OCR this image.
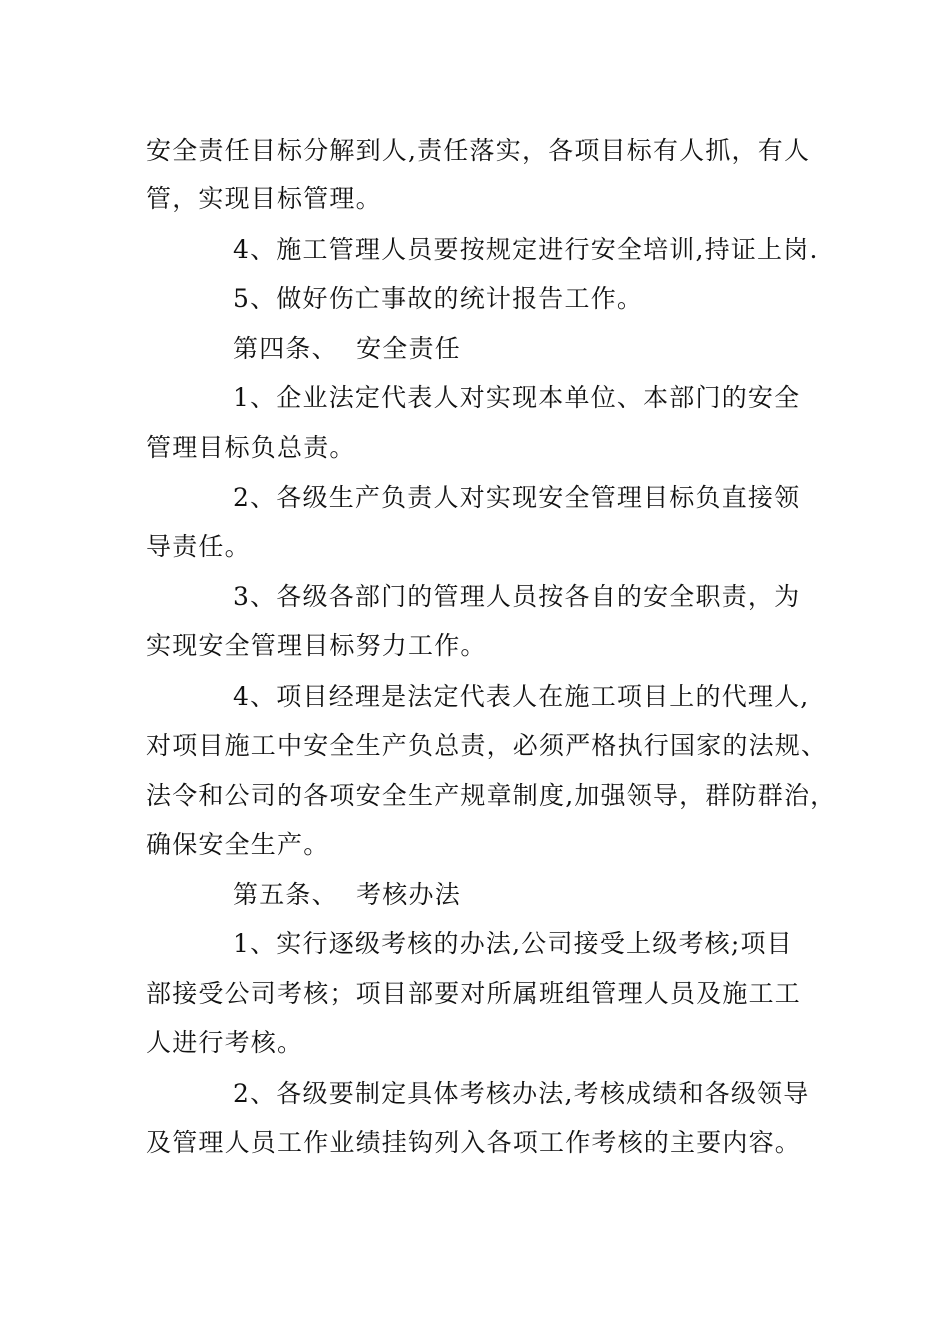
安全责任目标分解到人,责任落实，各项目标有人抓，有人
管，实现目标管理。
4、施工管理人员要按规定进行安全培训,持证上岗.
5、做好伤亡事故的统计报告工作。
第四条、  安全责任
1、企业法定代表人对实现本单位、本部门的安全
管理目标负总责。
2、各级生产负责人对实现安全管理目标负直接领
导责任。
3、各级各部门的管理人员按各自的安全职责，为
实现安全管理目标努力工作。
4、项目经理是法定代表人在施工项目上的代理人,
对项目施工中安全生产负总责，必须严格执行国家的法规、
法令和公司的各项安全生产规章制度,加强领导，群防群治，
确保安全生产。
第五条、  考核办法
1、实行逐级考核的办法,公司接受上级考核;项目
部接受公司考核；项目部要对所属班组管理人员及施工工
人进行考核。
2、各级要制定具体考核办法,考核成绩和各级领导
及管理人员工作业绩挂钩列入各项工作考核的主要内容。
